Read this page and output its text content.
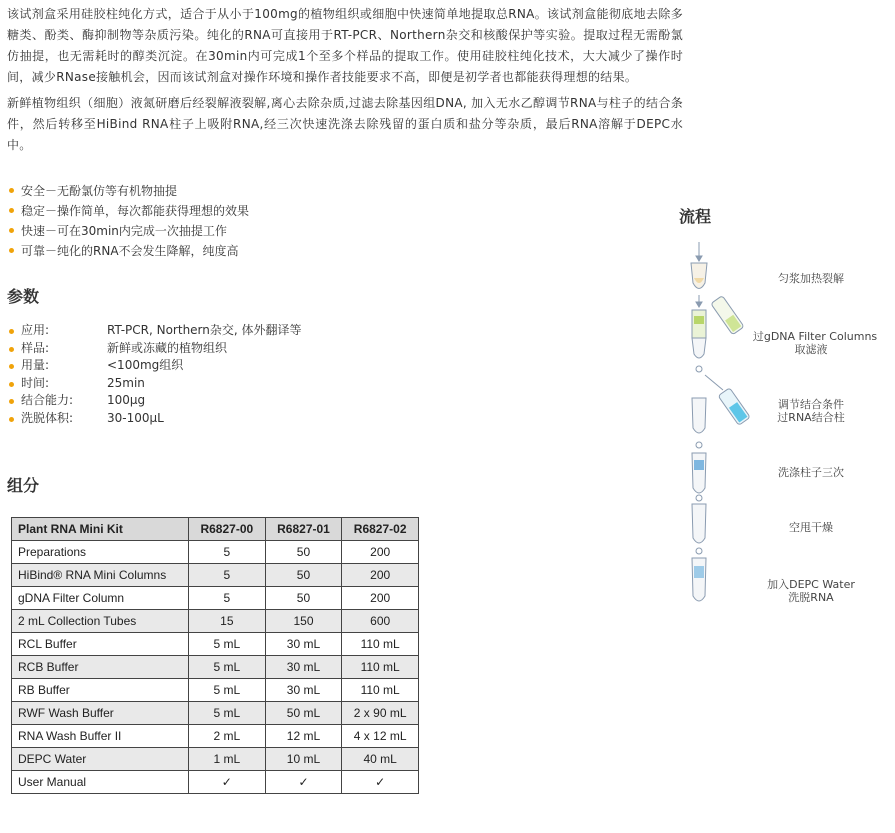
该试剂盒采用硅胶柱纯化方式，适合于从小于100mg的植物组织或细胞中快速简单地提取总RNA。该试剂盒能彻底地去除多糖类、酚类、酶抑制物等杂质污染。纯化的RNA可直接用于RT-PCR、Northern杂交和核酸保护等实验。提取过程无需酚氯仿抽提，也无需耗时的醇类沉淀。在30min内可完成1个至多个样品的提取工作。使用硅胶柱纯化技术，大大减少了操作时间，减少RNase接触机会，因而该试剂盒对操作环境和操作者技能要求不高，即便是初学者也都能获得理想的结果。

新鲜植物组织（细胞）液氮研磨后经裂解液裂解,离心去除杂质,过滤去除基因组DNA, 加入无水乙醇调节RNA与柱子的结合条件，然后转移至HiBind RNA柱子上吸附RNA,经三次快速洗涤去除残留的蛋白质和盐分等杂质，最后RNA溶解于DEPC水中。

安全－无酚氯仿等有机物抽提
稳定－操作简单，每次都能获得理想的效果
快速－可在30min内完成一次抽提工作
可靠－纯化的RNA不会发生降解，纯度高
参数
应用:	RT-PCR, Northern杂交, 体外翻译等
样品:	新鲜或冻藏的植物组织
用量:	<100mg组织
时间:	25min
结合能力:	100μg
洗脱体积:	30-100μL
组分
Plant RNA Mini Kit	R6827-00	R6827-01	R6827-02
Preparations	5	50	200
HiBind® RNA Mini Columns	5	50	200
gDNA Filter Column	5	50	200
2 mL Collection Tubes	15	150	600
RCL Buffer	5 mL	30 mL	110 mL
RCB Buffer	5 mL	30 mL	110 mL
RB Buffer	5 mL	30 mL	110 mL
RWF Wash Buffer	5 mL	50 mL	2 x 90 mL
RNA Wash Buffer II	2 mL	12 mL	4 x 12 mL
DEPC Water	1 mL	10 mL	40 mL
User Manual	✓	✓	✓
流程
匀浆加热裂解
过gDNA Filter Columns
取滤液
调节结合条件
过RNA结合柱
洗涤柱子三次
空甩干燥
加入DEPC Water
洗脱RNA
